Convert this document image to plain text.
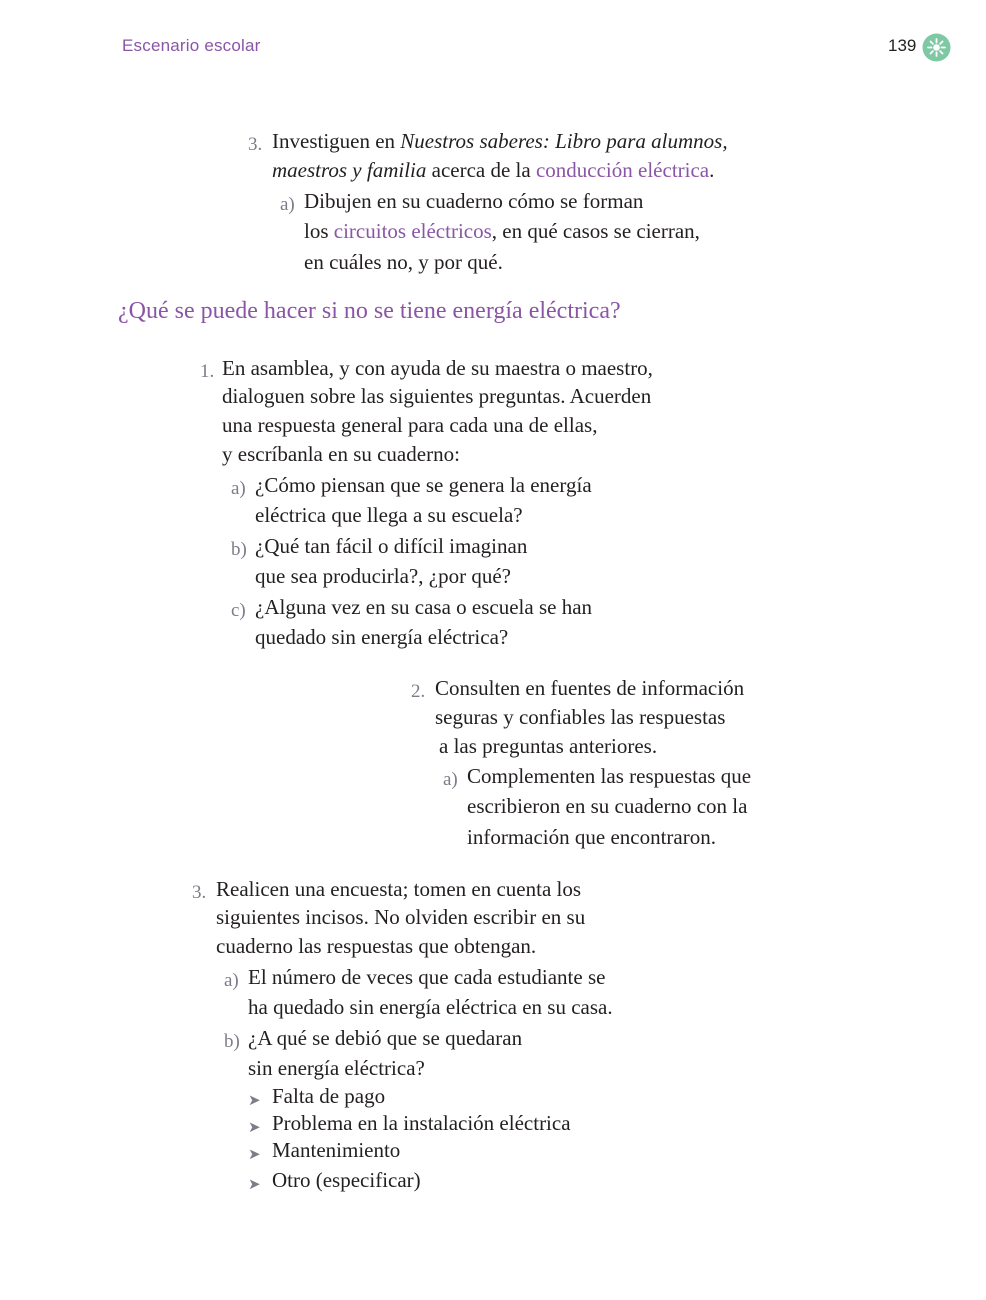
Escenario escolar	139
3. Investiguen en Nuestros saberes: Libro para alumnos,
maestros y familia acerca de la conducción eléctrica.
a) Dibujen en su cuaderno cómo se forman
los circuitos eléctricos, en qué casos se cierran,
en cuáles no, y por qué.
¿Qué se puede hacer si no se tiene energía eléctrica?
1. En asamblea, y con ayuda de su maestra o maestro,
dialoguen sobre las siguientes preguntas. Acuerden
una respuesta general para cada una de ellas,
y escríbanla en su cuaderno:
a) ¿Cómo piensan que se genera la energía
eléctrica que llega a su escuela?
b) ¿Qué tan fácil o difícil imaginan
que sea producirla?, ¿por qué?
c) ¿Alguna vez en su casa o escuela se han
quedado sin energía eléctrica?
2. Consulten en fuentes de información
seguras y confiables las respuestas
a las preguntas anteriores.
a) Complementen las respuestas que
escribieron en su cuaderno con la
información que encontraron.
3. Realicen una encuesta; tomen en cuenta los
siguientes incisos. No olviden escribir en su
cuaderno las respuestas que obtengan.
a) El número de veces que cada estudiante se
ha quedado sin energía eléctrica en su casa.
b) ¿A qué se debió que se quedaran
sin energía eléctrica?
➤ Falta de pago
➤ Problema en la instalación eléctrica
➤ Mantenimiento
➤ Otro (especificar)
